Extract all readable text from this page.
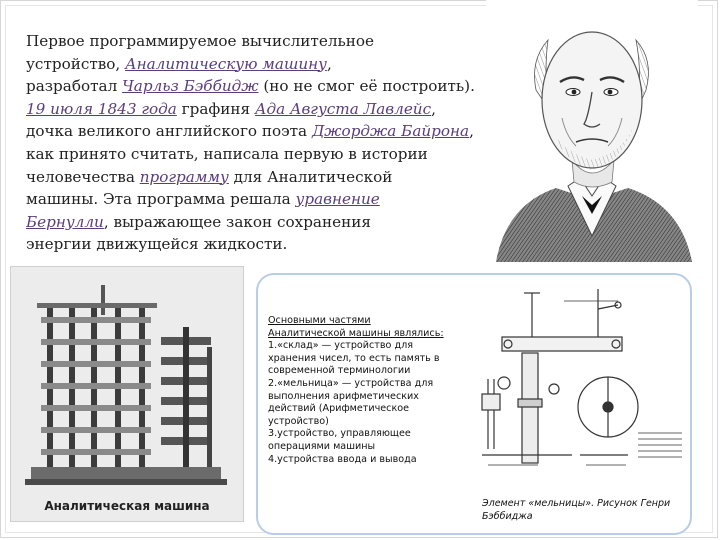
Первое программируемое вычислительное
устройство, Аналитическую машину,
разработал Чарльз Бэббидж (но не смог её построить).
19 июля 1843 года графиня Ада Августа Лавлейс,
дочка великого английского поэта Джорджа Байрона,
как принято считать, написала первую в истории
человечества программу для Аналитической
машины. Эта программа решала уравнение
Бернулли, выражающее закон сохранения
энергии движущейся жидкости.
Аналитическая машина
Основными частями
Аналитической машины являлись:
1.«склад» — устройство для
хранения чисел, то есть память в
современной терминологии
2.«мельница» — устройства для
выполнения арифметических
действий (Арифметическое
устройство)
3.устройство, управляющее
операциями машины
4.устройства ввода и вывода
Элемент «мельницы». Рисунок Генри Бэббиджа
